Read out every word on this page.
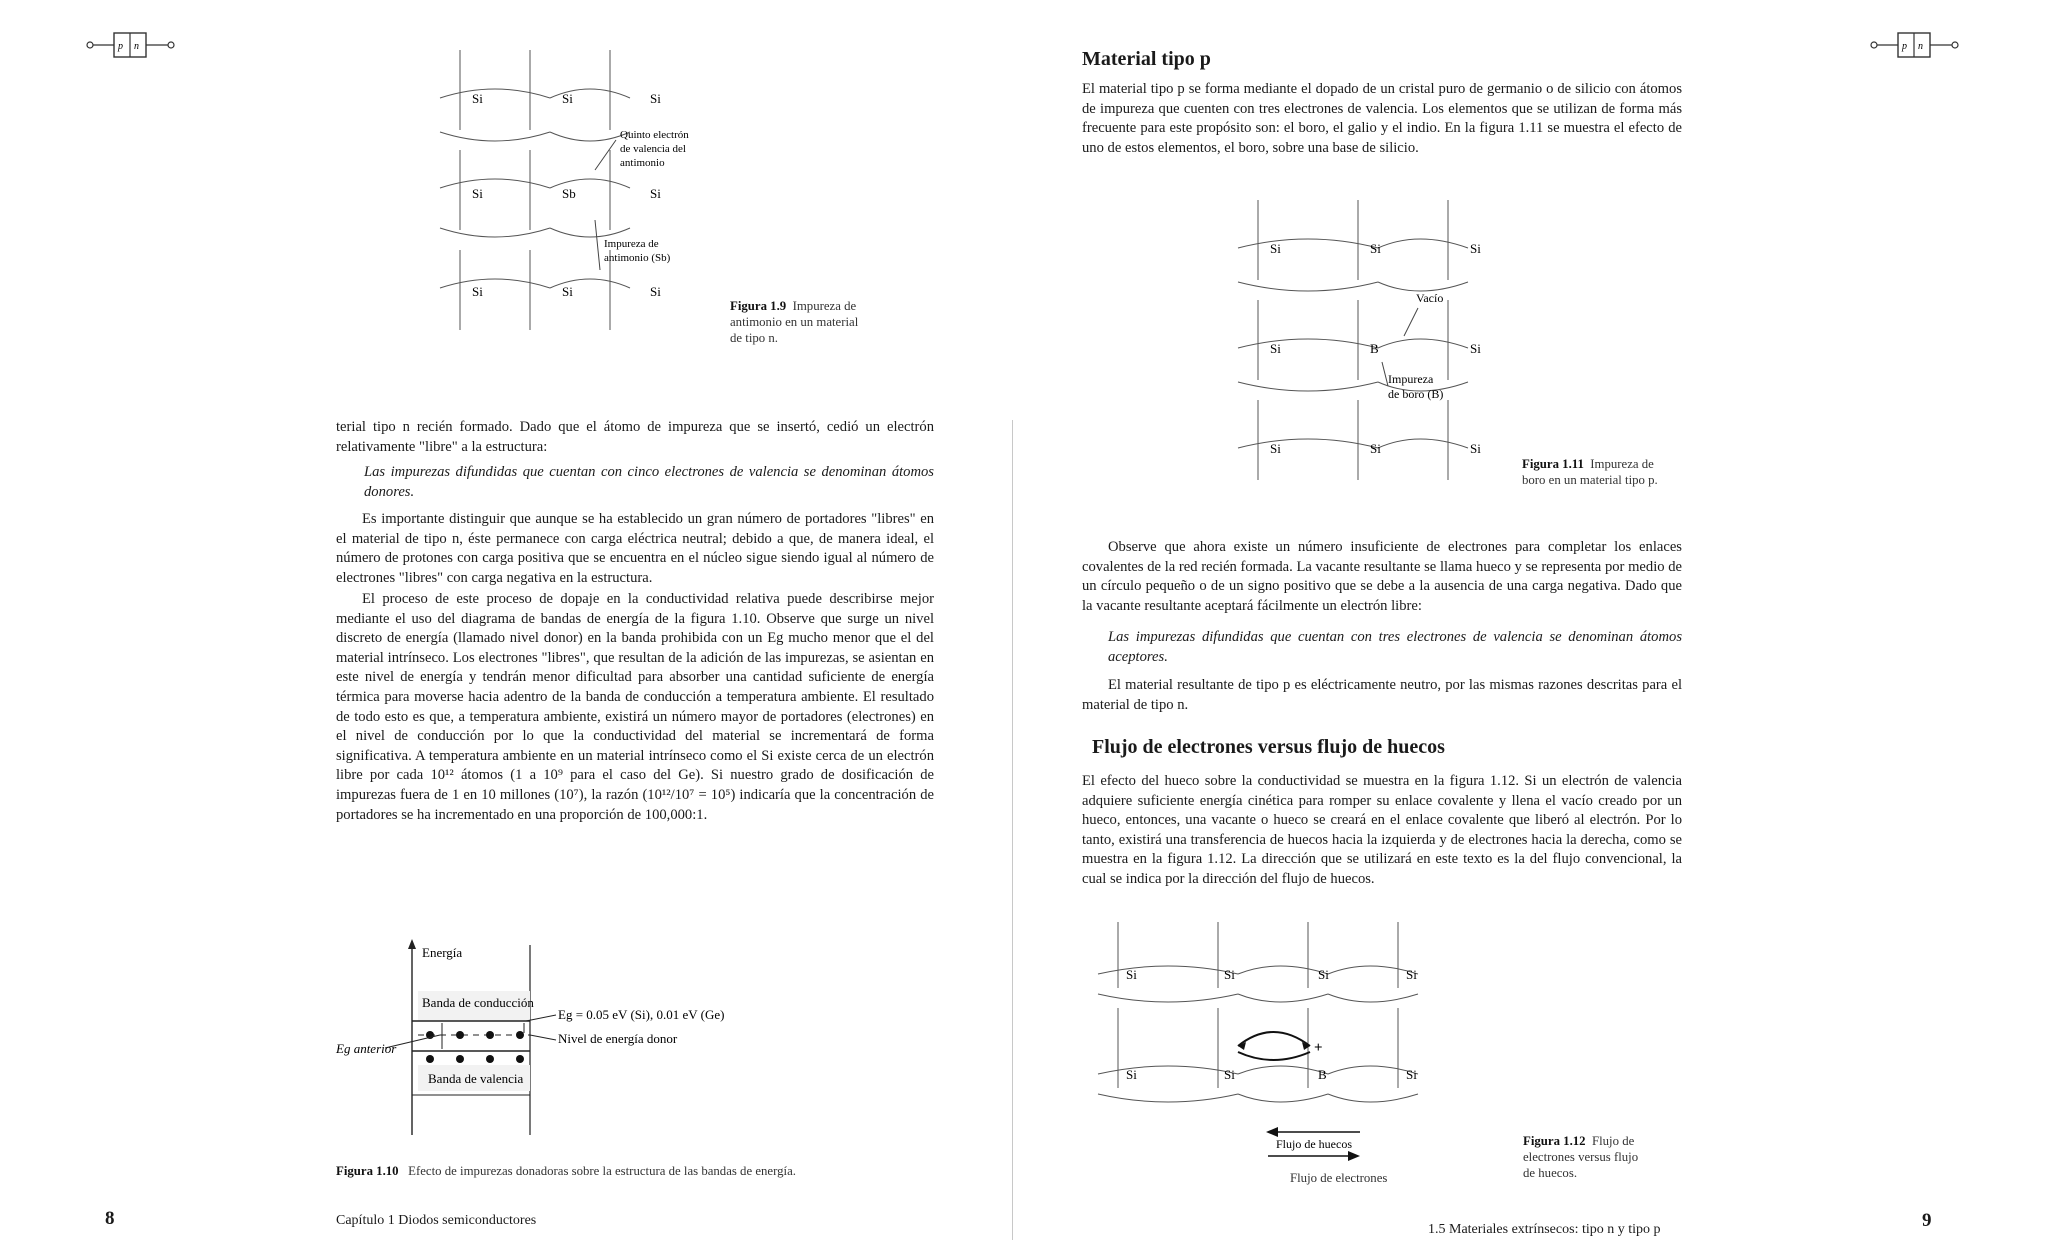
p n
Si	Si	Si
Si	Sb	Si
Si	Si	Si
Quinto electrón
de valencia del
antimonio
Impureza de
antimonio (Sb)
Figura 1.9 Impureza de
antimonio en un material
de tipo n.

terial tipo n recién formado. Dado que el átomo de impureza que se insertó, cedió un electrón relativamente "libre" a la estructura:

Las impurezas difundidas que cuentan con cinco electrones de valencia se denominan átomos donores.

Es importante distinguir que aunque se ha establecido un gran número de portadores "libres" en el material de tipo n, éste permanece con carga eléctrica neutral; debido a que, de manera ideal, el número de protones con carga positiva que se encuentra en el núcleo sigue siendo igual al número de electrones "libres" con carga negativa en la estructura.

El proceso de este proceso de dopaje en la conductividad relativa puede describirse mejor mediante el uso del diagrama de bandas de energía de la figura 1.10. Observe que surge un nivel discreto de energía (llamado nivel donor) en la banda prohibida con un Eg mucho menor que el del material intrínseco. Los electrones "libres", que resultan de la adición de las impurezas, se asientan en este nivel de energía y tendrán menor dificultad para absorber una cantidad suficiente de energía térmica para moverse hacia adentro de la banda de conducción a temperatura ambiente. El resultado de todo esto es que, a temperatura ambiente, existirá un número mayor de portadores (electrones) en el nivel de conducción por lo que la conductividad del material se incrementará de forma significativa. A temperatura ambiente en un material intrínseco como el Si existe cerca de un electrón libre por cada 10¹² átomos (1 a 10⁹ para el caso del Ge). Si nuestro grado de dosificación de impurezas fuera de 1 en 10 millones (10⁷), la razón (10¹²/10⁷ = 10⁵) indicaría que la concentración de portadores se ha incrementado en una proporción de 100,000:1.

Energía
Banda de conducción
Banda de valencia
Eg = 0.05 eV (Si), 0.01 eV (Ge)
Nivel de energía donor
Eg anterior
Figura 1.10 Efecto de impurezas donadoras sobre la estructura de las bandas de energía.
8	Capítulo 1 Diodos semiconductores
p n
Material tipo p

El material tipo p se forma mediante el dopado de un cristal puro de germanio o de silicio con átomos de impureza que cuenten con tres electrones de valencia. Los elementos que se utilizan de forma más frecuente para este propósito son: el boro, el galio y el indio. En la figura 1.11 se muestra el efecto de uno de estos elementos, el boro, sobre una base de silicio.

Si	Si	Si
Si	B	Si
Si	Si	Si
Vacío
Impureza
de boro (B)
Figura 1.11 Impureza de
boro en un material tipo p.

Observe que ahora existe un número insuficiente de electrones para completar los enlaces covalentes de la red recién formada. La vacante resultante se llama hueco y se representa por medio de un círculo pequeño o de un signo positivo que se debe a la ausencia de una carga negativa. Dado que la vacante resultante aceptará fácilmente un electrón libre:

Las impurezas difundidas que cuentan con tres electrones de valencia se denominan átomos aceptores.

El material resultante de tipo p es eléctricamente neutro, por las mismas razones descritas para el material de tipo n.

Flujo de electrones versus flujo de huecos

El efecto del hueco sobre la conductividad se muestra en la figura 1.12. Si un electrón de valencia adquiere suficiente energía cinética para romper su enlace covalente y llena el vacío creado por un hueco, entonces, una vacante o hueco se creará en el enlace covalente que liberó al electrón. Por lo tanto, existirá una transferencia de huecos hacia la izquierda y de electrones hacia la derecha, como se muestra en la figura 1.12. La dirección que se utilizará en este texto es la del flujo convencional, la cual se indica por la dirección del flujo de huecos.

Si	Si	Si	Si
Si	Si	B	Si
+
Flujo de huecos
Flujo de electrones
Figura 1.12 Flujo de
electrones versus flujo
de huecos.
1.5 Materiales extrínsecos: tipo n y tipo p	9
